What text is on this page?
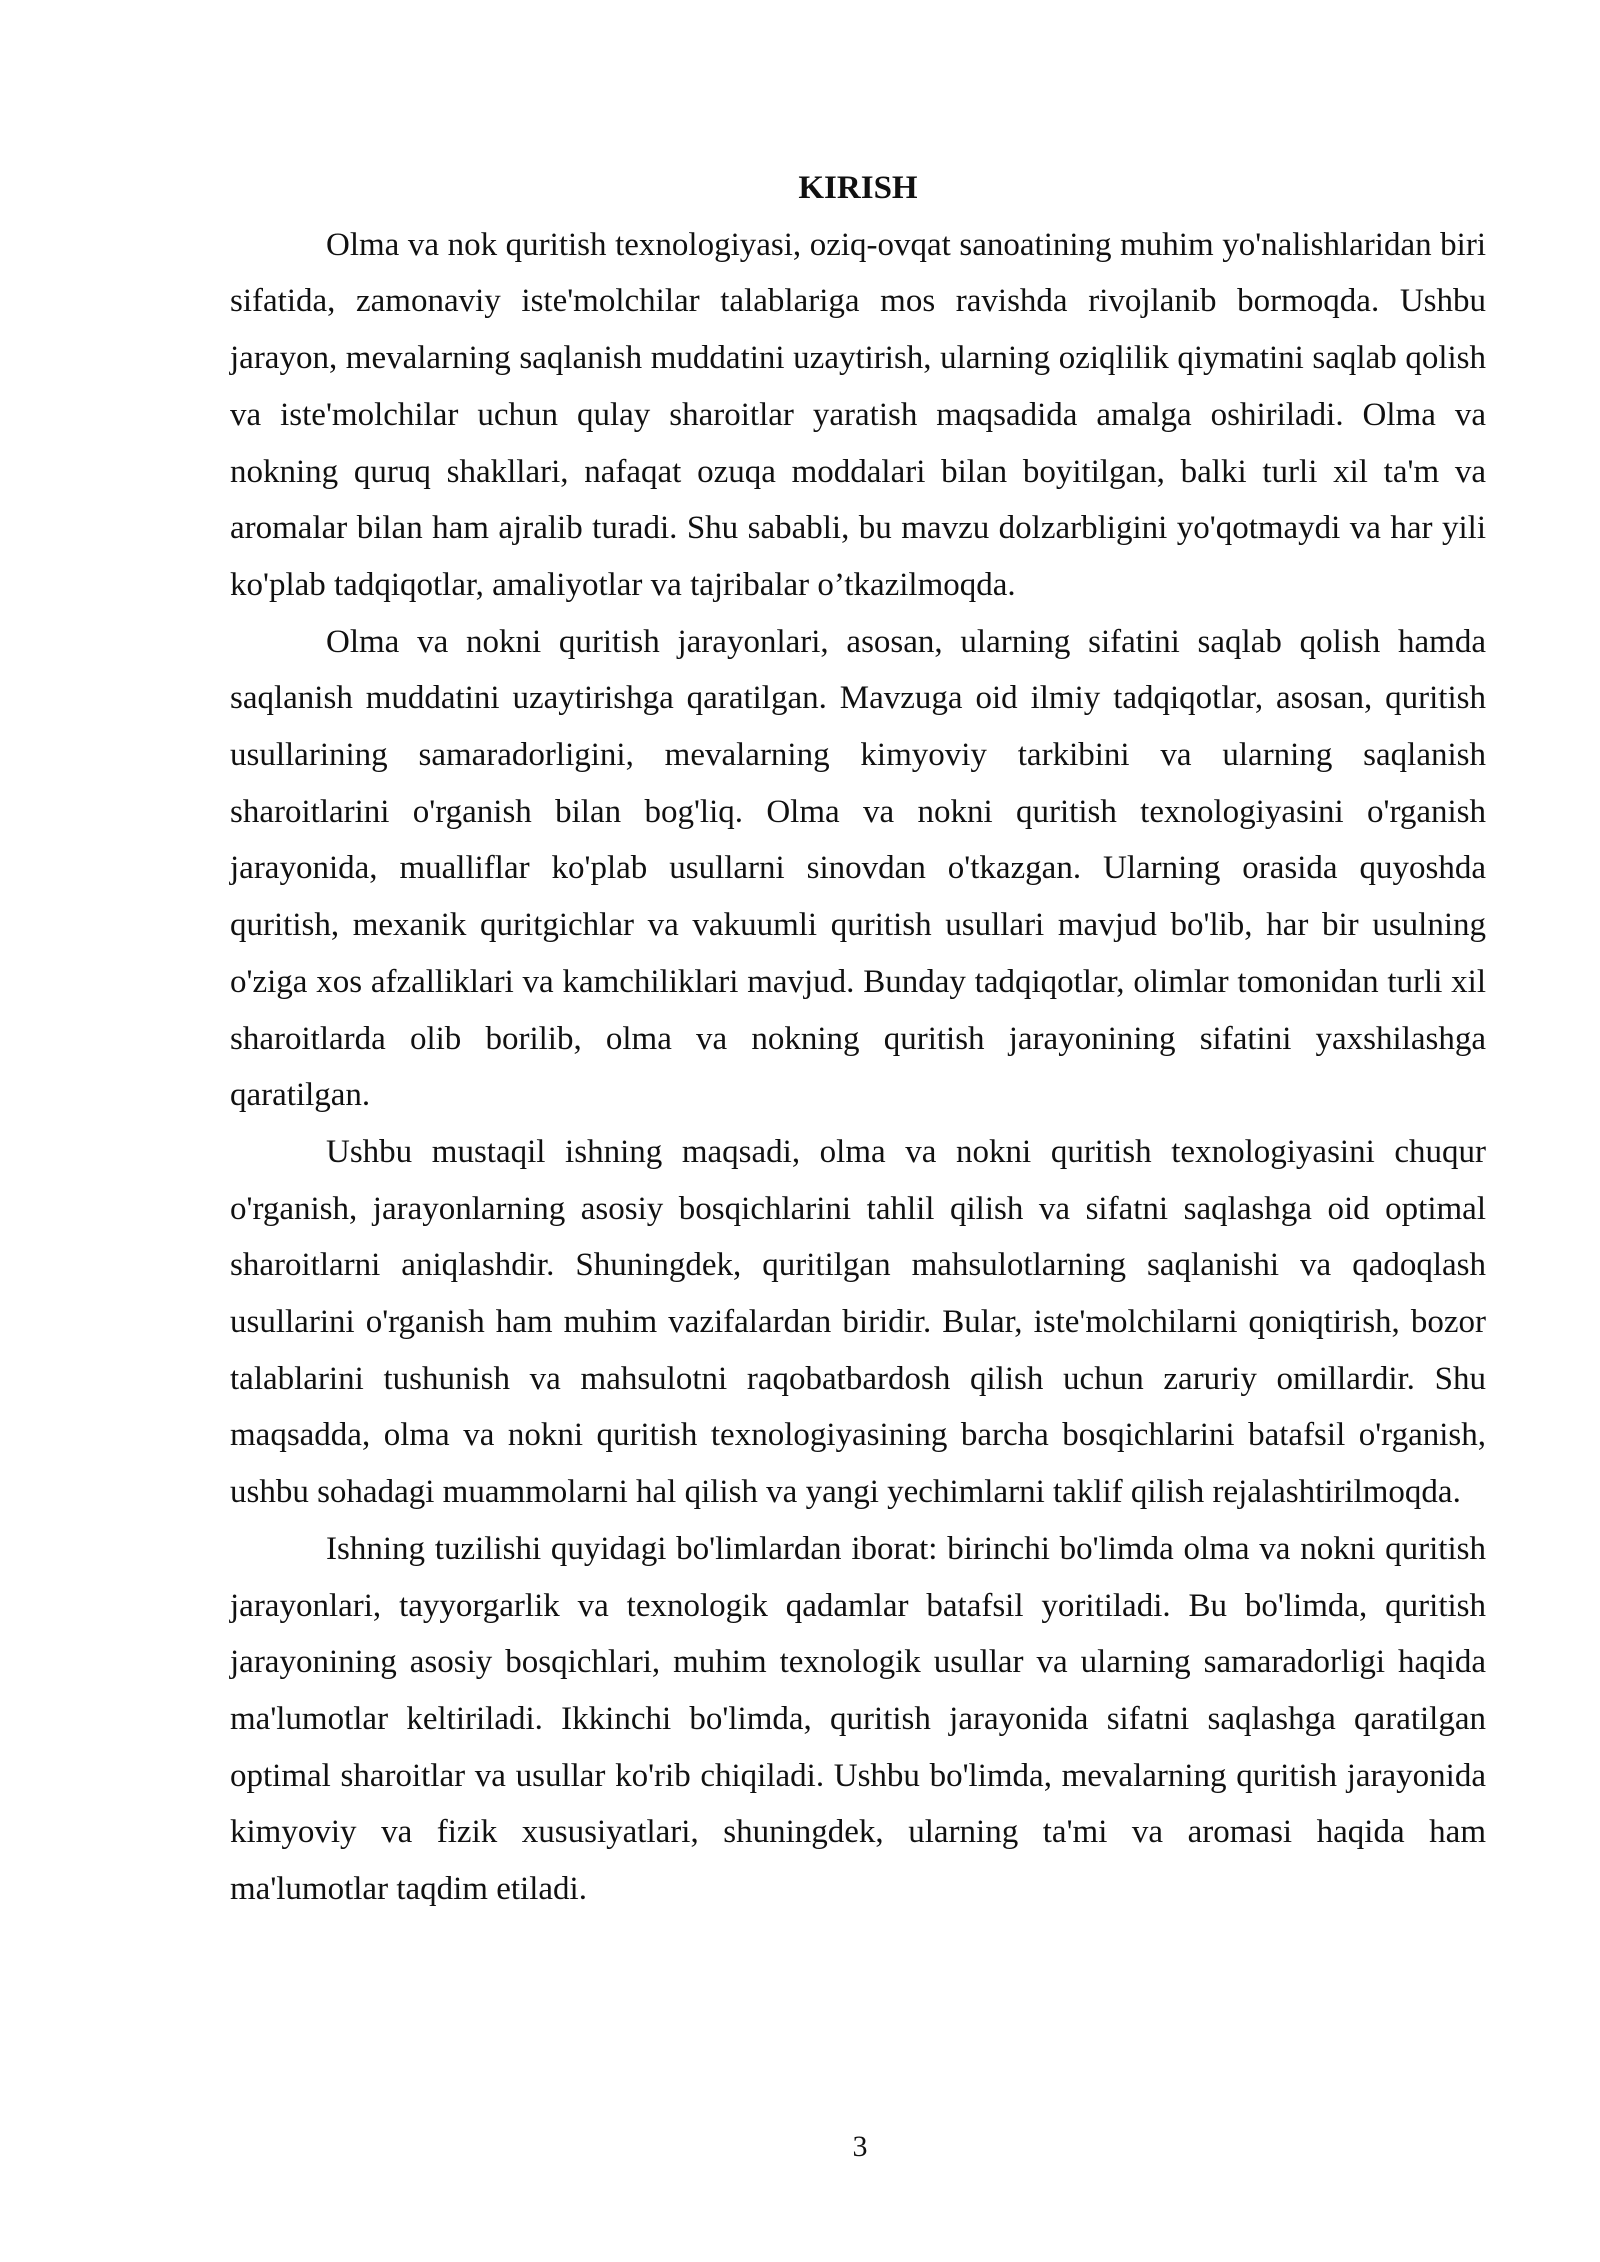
KIRISH

Olma va nok quritish texnologiyasi, oziq-ovqat sanoatining muhim yo'nalishlaridan biri sifatida, zamonaviy iste'molchilar talablariga mos ravishda rivojlanib bormoqda. Ushbu jarayon, mevalarning saqlanish muddatini uzaytirish, ularning oziqlilik qiymatini saqlab qolish va iste'molchilar uchun qulay sharoitlar yaratish maqsadida amalga oshiriladi. Olma va nokning quruq shakllari, nafaqat ozuqa moddalari bilan boyitilgan, balki turli xil ta'm va aromalar bilan ham ajralib turadi. Shu sababli, bu mavzu dolzarbligini yo'qotmaydi va har yili ko'plab tadqiqotlar, amaliyotlar va tajribalar o’tkazilmoqda.

Olma va nokni quritish jarayonlari, asosan, ularning sifatini saqlab qolish hamda saqlanish muddatini uzaytirishga qaratilgan. Mavzuga oid ilmiy tadqiqotlar, asosan, quritish usullarining samaradorligini, mevalarning kimyoviy tarkibini va ularning saqlanish sharoitlarini o'rganish bilan bog'liq. Olma va nokni quritish texnologiyasini o'rganish jarayonida, mualliflar ko'plab usullarni sinovdan o'tkazgan. Ularning orasida quyoshda quritish, mexanik quritgichlar va vakuumli quritish usullari mavjud bo'lib, har bir usulning o'ziga xos afzalliklari va kamchiliklari mavjud. Bunday tadqiqotlar, olimlar tomonidan turli xil sharoitlarda olib borilib, olma va nokning quritish jarayonining sifatini yaxshilashga qaratilgan.

Ushbu mustaqil ishning maqsadi, olma va nokni quritish texnologiyasini chuqur o'rganish, jarayonlarning asosiy bosqichlarini tahlil qilish va sifatni saqlashga oid optimal sharoitlarni aniqlashdir. Shuningdek, quritilgan mahsulotlarning saqlanishi va qadoqlash usullarini o'rganish ham muhim vazifalardan biridir. Bular, iste'molchilarni qoniqtirish, bozor talablarini tushunish va mahsulotni raqobatbardosh qilish uchun zaruriy omillardir. Shu maqsadda, olma va nokni quritish texnologiyasining barcha bosqichlarini batafsil o'rganish, ushbu sohadagi muammolarni hal qilish va yangi yechimlarni taklif qilish rejalashtirilmoqda.

Ishning tuzilishi quyidagi bo'limlardan iborat: birinchi bo'limda olma va nokni quritish jarayonlari, tayyorgarlik va texnologik qadamlar batafsil yoritiladi. Bu bo'limda, quritish jarayonining asosiy bosqichlari, muhim texnologik usullar va ularning samaradorligi haqida ma'lumotlar keltiriladi. Ikkinchi bo'limda, quritish jarayonida sifatni saqlashga qaratilgan optimal sharoitlar va usullar ko'rib chiqiladi. Ushbu bo'limda, mevalarning quritish jarayonida kimyoviy va fizik xususiyatlari, shuningdek, ularning ta'mi va aromasi haqida ham ma'lumotlar taqdim etiladi.

3
